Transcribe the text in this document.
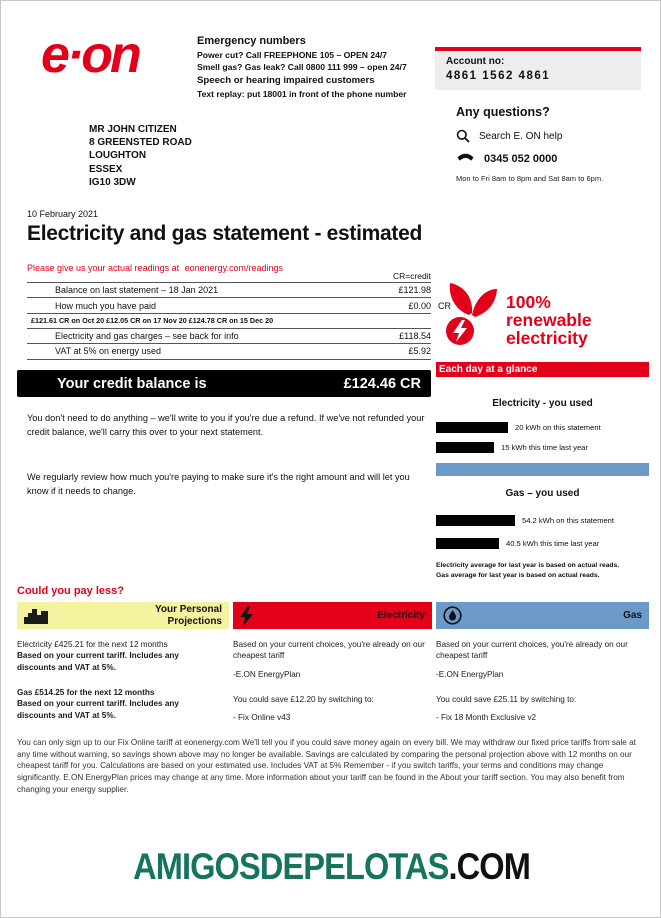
e·on	Emergency numbers
Power cut? Call FREEPHONE 105 – OPEN 24/7
Smell gas? Gas leak? Call 0800 111 999 – open 24/7
Speech or hearing impaired customers
Text replay: put 18001 in front of the phone number
Account no:
4861 1562 4861
MR JOHN CITIZEN
8 GREENSTED ROAD
LOUGHTON
ESSEX
IG10 3DW
Any questions?
Search E. ON help
0345 052 0000
Mon to Fri 8am to 8pm and Sat 8am to 6pm.
10 February 2021
Electricity and gas statement - estimated
Please give us your actual readings at eonenergy.com/readings
CR=credit
Balance on last statement – 18 Jan 2021	£121.98
How much you have paid	£0.00 CR
£121.61 CR on Oct 20 £12.05 CR on 17 Nov 20 £124.78 CR on 15 Dec 20
Electricity and gas charges – see back for info	£118.54
VAT at 5% on energy used	£5.92
Your credit balance is	£124.46 CR
You don't need to do anything – we'll write to you if you're due a refund. If we've not refunded your credit balance, we'll carry this over to your next statement.
We regularly review how much you're paying to make sure it's the right amount and will let you know if it needs to change.
100%
renewable
electricity
Each day at a glance
Electricity - you used
20 kWh on this statement
15 kWh this time last year
Gas – you used
54.2 kWh on this statement
40.5 kWh this time last year
Electricity average for last year is based on actual reads.
Gas average for last year is based on actual reads.
Could you pay less?
Your Personal
Projections
Electricity	Gas
Electricity £425.21 for the next 12 months
Based on your current tariff. Includes any discounts and VAT at 5%.
Gas £514.25 for the next 12 months
Based on your current tariff. Includes any discounts and VAT at 5%.
Based on your current choices, you're already on our cheapest tariff
-E.ON EnergyPlan
You could save £12.20 by switching to:
- Fix Online v43
Based on your current choices, you're already on our cheapest tariff
-E.ON EnergyPlan
You could save £25.11 by switching to:
- Fix 18 Month Exclusive v2
You can only sign up to our Fix Online tariff at eonenergy.com We'll tell you if you could save money again on every bill. We may withdraw our fixed price tariffs from sale at any time without warning, so savings shown above may no longer be available. Savings are calculated by comparing the personal projection above with 12 months on our cheapest tariff for you. Calculations are based on your estimated use. Includes VAT at 5% Remember - if you switch tariffs, your terms and conditions may change significantly. E.ON EnergyPlan prices may change at any time. More information about your tariff can be found in the About your tariff section. You may also benefit from changing your energy supplier.
AMIGOSDEPELOTAS.COM
